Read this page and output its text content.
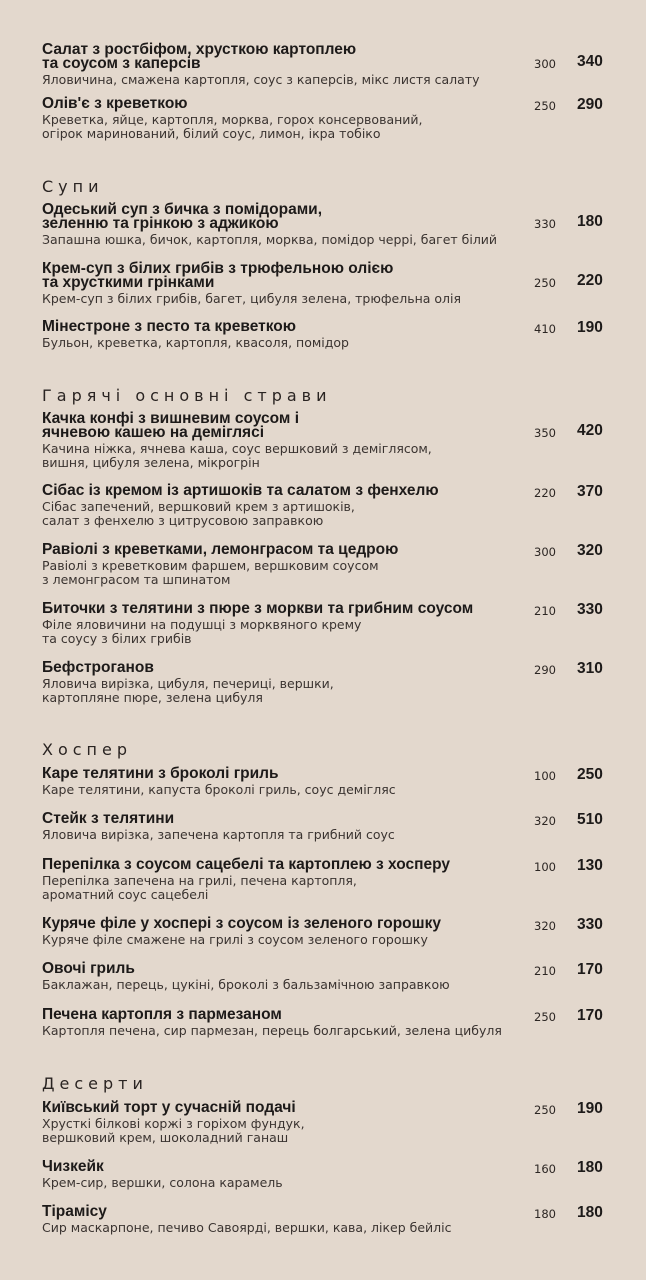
Салат з ростбіфом, хрусткою картоплею
та соусом з каперсів
Яловичина, смажена картопля, соус з каперсів, мікс листя салату
300	340
Олів'є з креветкою
Креветка, яйце, картопля, морква, горох консервований,
огірок маринований, білий соус, лимон, ікра тобіко
250	290
Супи
Одеський суп з бичка з помідорами,
зеленню та грінкою з аджикою
Запашна юшка, бичок, картопля, морква, помідор черрі, багет білий
330	180
Крем-суп з білих грибів з трюфельною олією
та хрусткими грінками
Крем-суп з білих грибів, багет, цибуля зелена, трюфельна олія
250	220
Мінестроне з песто та креветкою
Бульон, креветка, картопля, квасоля, помідор
410	190
Гарячі основні страви
Качка конфі з вишневим соусом і
ячневою кашею на деміглясі
Качина ніжка, ячнева каша, соус вершковий з деміглясом,
вишня, цибуля зелена, мікрогрін
350	420
Сібас із кремом із артишоків та салатом з фенхелю
Сібас запечений, вершковий крем з артишоків,
салат з фенхелю з цитрусовою заправкою
220	370
Равіолі з креветками, лемонграсом та цедрою
Равіолі з креветковим фаршем, вершковим соусом
з лемонграсом та шпинатом
300	320
Биточки з телятини з пюре з моркви та грибним соусом
Філе яловичини на подушці з морквяного крему
та соусу з білих грибів
210	330
Бефстроганов
Яловича вирізка, цибуля, печериці, вершки,
картопляне пюре, зелена цибуля
290	310
Хоспер
Каре телятини з броколі гриль
Каре телятини, капуста броколі гриль, соус демігляс
100	250
Стейк з телятини
Яловича вирізка, запечена картопля та грибний соус
320	510
Перепілка з соусом сацебелі та картоплею з хосперу
Перепілка запечена на грилі, печена картопля,
ароматний соус сацебелі
100	130
Куряче філе у хоспері з соусом із зеленого горошку
Куряче філе смажене на грилі з соусом зеленого горошку
320	330
Овочі гриль
Баклажан, перець, цукіні, броколі з бальзамічною заправкою
210	170
Печена картопля з пармезаном
Картопля печена, сир пармезан, перець болгарський, зелена цибуля
250	170
Десерти
Київський торт у сучасній подачі
Хрусткі білкові коржі з горіхом фундук,
вершковий крем, шоколадний ганаш
250	190
Чизкейк
Крем-сир, вершки, солона карамель
160	180
Тірамісу
Сир маскарпоне, печиво Савоярді, вершки, кава, лікер бейліс
180	180
